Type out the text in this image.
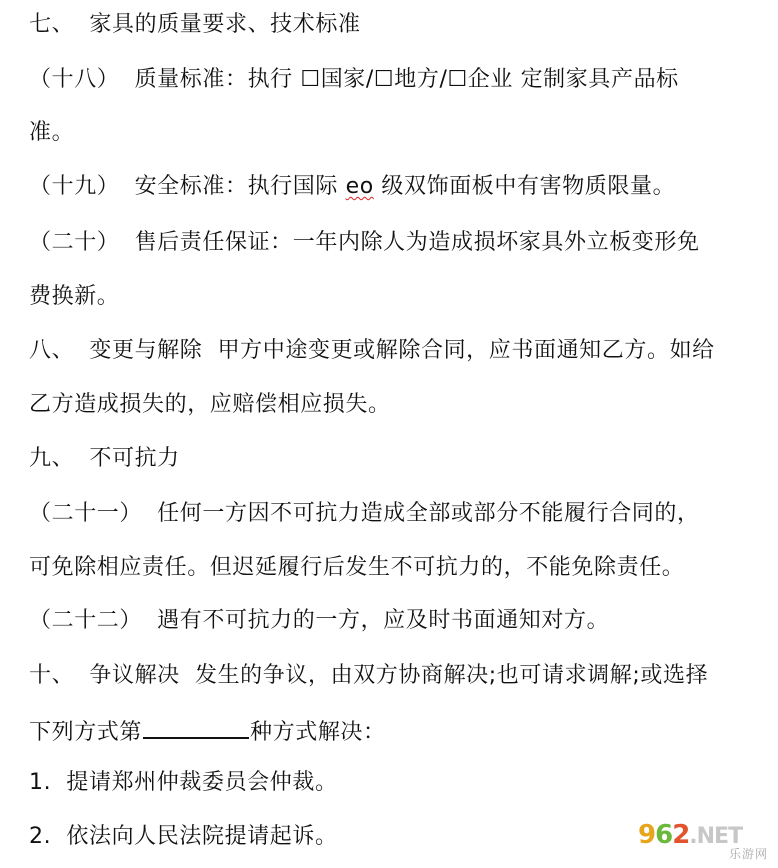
七、  家具的质量要求、技术标准
（十八）  质量标准：执行 ☐国家/☐地方/☐企业 定制家具产品标
准。
（十九）  安全标准：执行国际 eo 级双饰面板中有害物质限量。
（二十）  售后责任保证：一年内除人为造成损坏家具外立板变形免
费换新。
八、  变更与解除  甲方中途变更或解除合同，应书面通知乙方。如给
乙方造成损失的，应赔偿相应损失。
九、  不可抗力
（二十一）  任何一方因不可抗力造成全部或部分不能履行合同的，
可免除相应责任。但迟延履行后发生不可抗力的，不能免除责任。
（二十二）  遇有不可抗力的一方，应及时书面通知对方。
十、  争议解决  发生的争议，由双方协商解决;也可请求调解;或选择
下列方式第	种方式解决：
1.  提请郑州仲裁委员会仲裁。
2.  依法向人民法院提请起诉。	962.NET
乐游网
